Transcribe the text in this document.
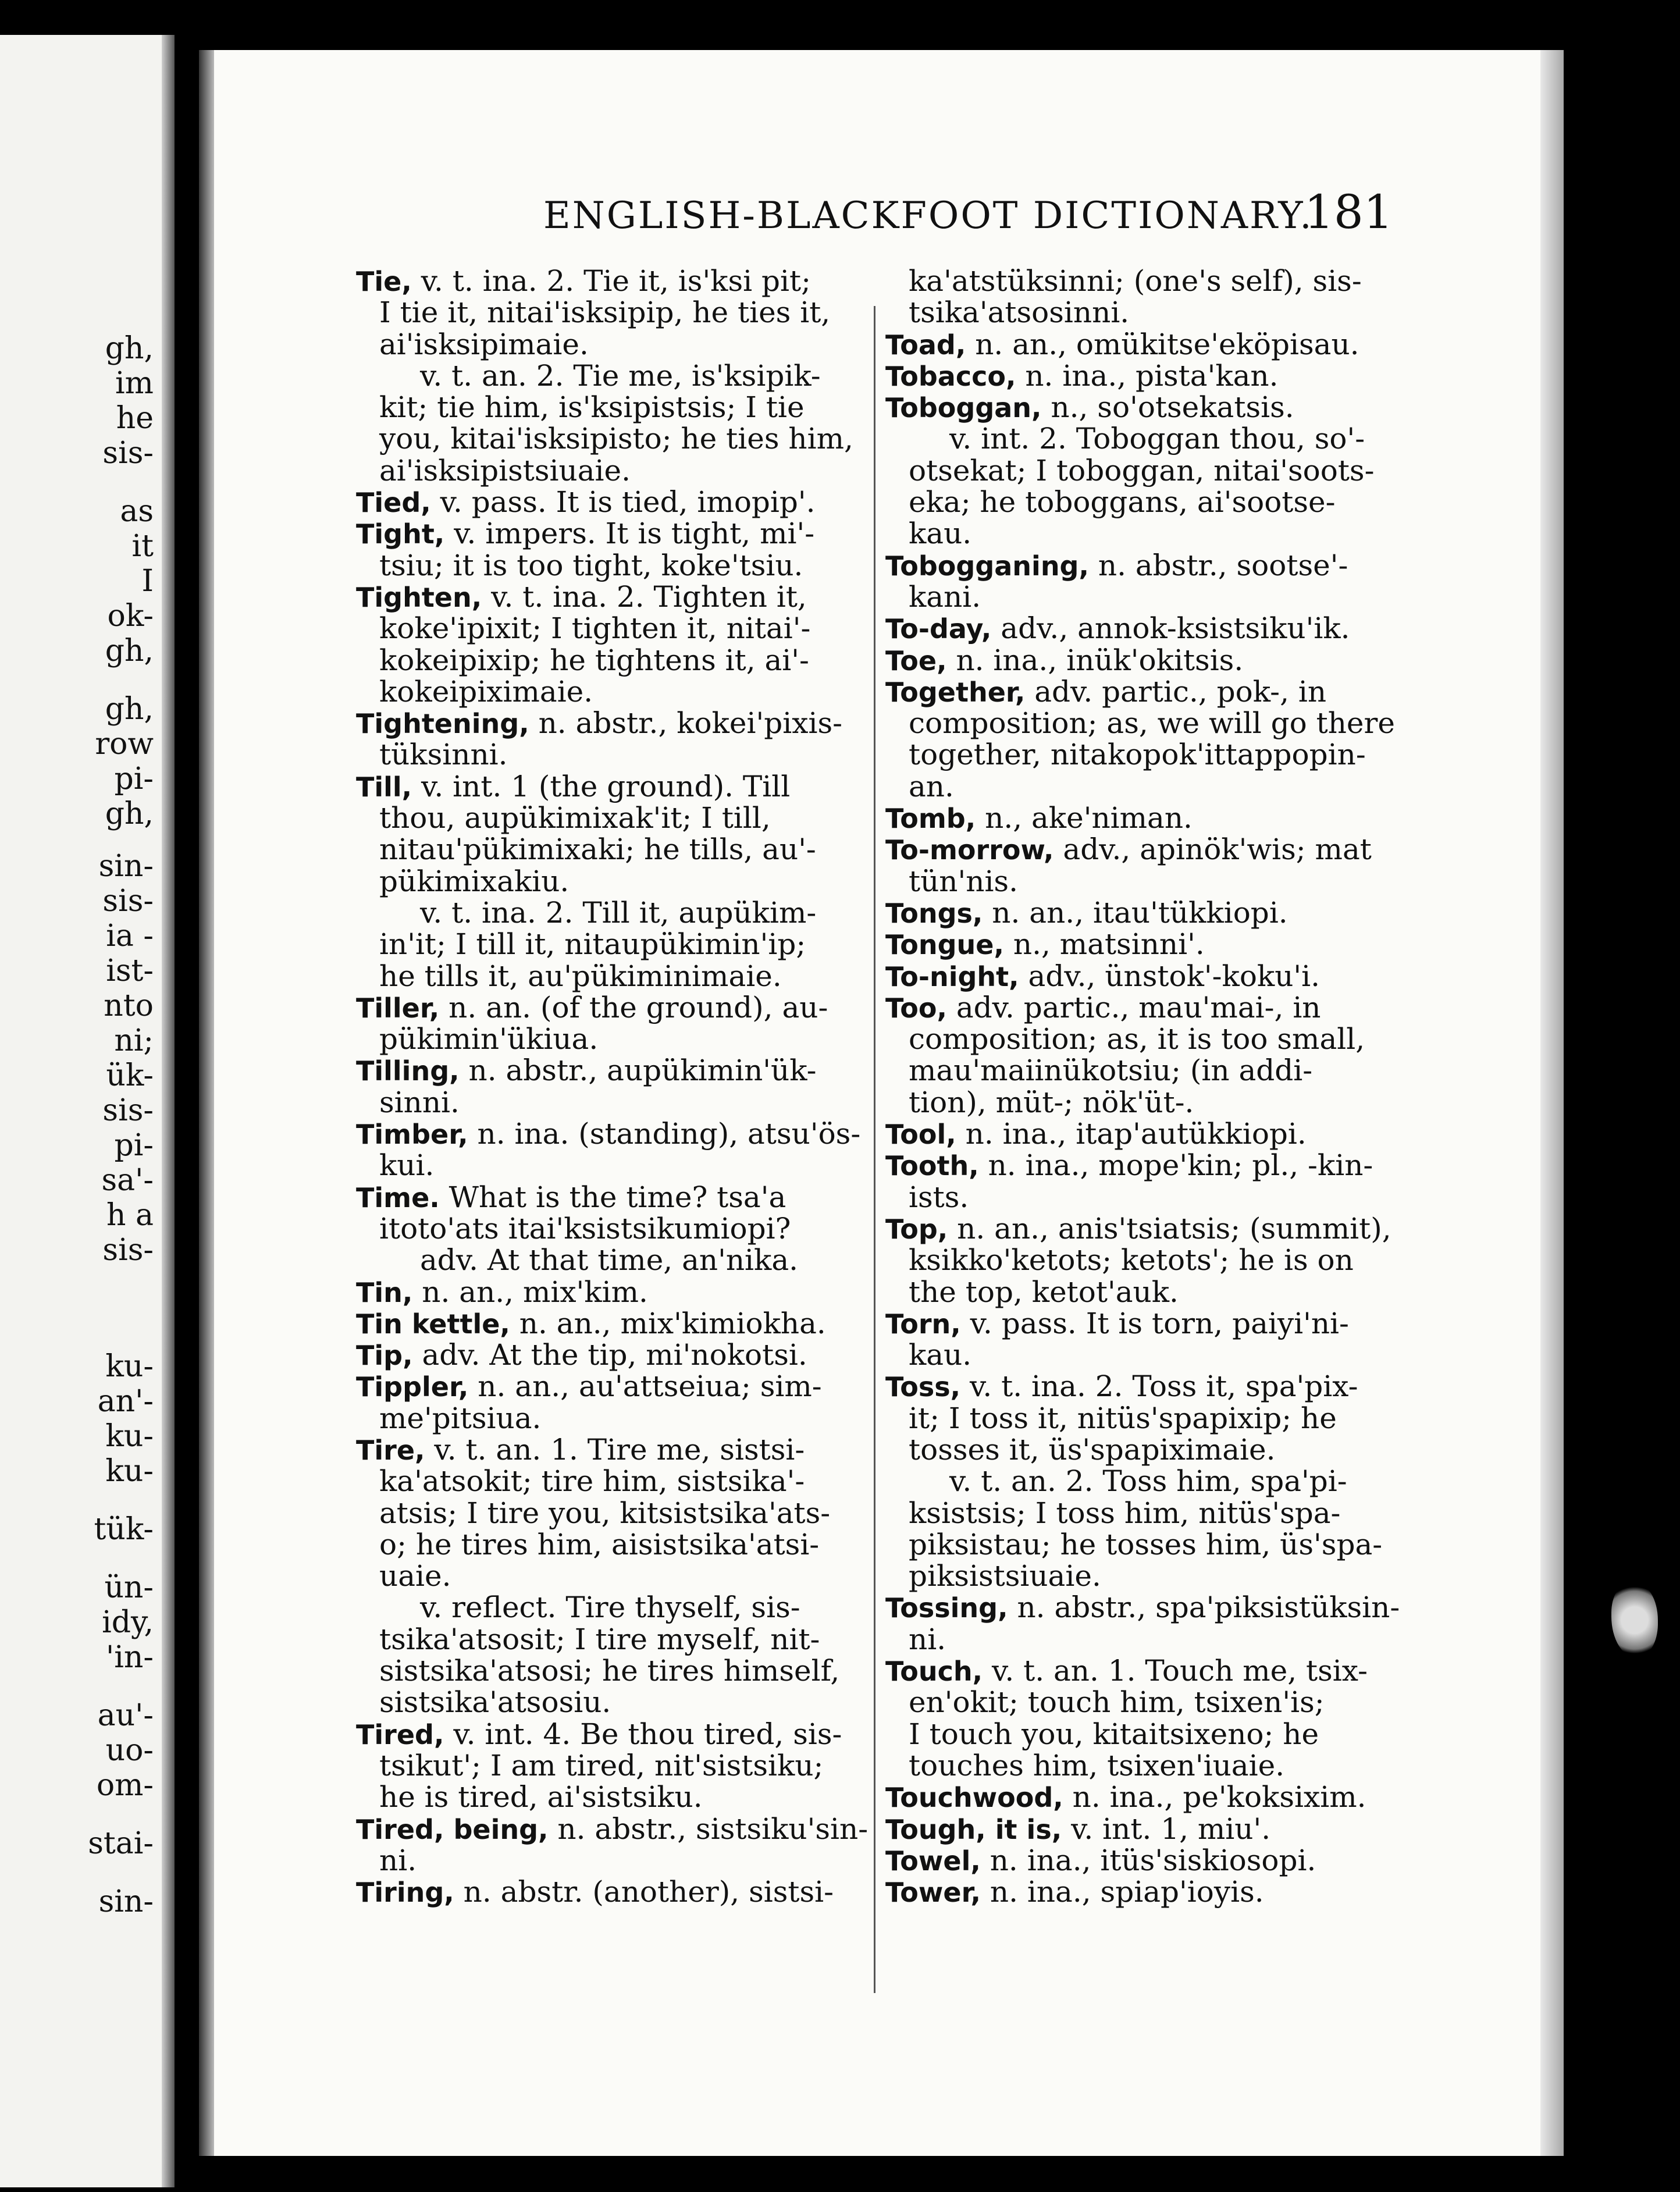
gh,
im
he
sis-
as
it
I
ok-
gh,
gh,
row
pi-
gh,
sin-
sis-
ia -
ist-
nto
ni;
ük-
sis-
pi-
sa'-
h a
sis-
ku-
an'-
ku-
ku-
tük-
ün-
idy,
'in-
au'-
uo-
om-
stai-
sin-
ENGLISH-BLACKFOOT DICTIONARY.
181
Tie, v. t. ina. 2. Tie it, is'ksi pit;
I tie it, nitai'isksipip, he ties it,
ai'isksipimaie.
v. t. an. 2. Tie me, is'ksipik-
kit; tie him, is'ksipistsis; I tie
you, kitai'isksipisto; he ties him,
ai'isksipistsiuaie.
Tied, v. pass. It is tied, imopip'.
Tight, v. impers. It is tight, mi'-
tsiu; it is too tight, koke'tsiu.
Tighten, v. t. ina. 2. Tighten it,
koke'ipixit; I tighten it, nitai'-
kokeipixip; he tightens it, ai'-
kokeipiximaie.
Tightening, n. abstr., kokei'pixis-
tüksinni.
Till, v. int. 1 (the ground). Till
thou, aupükimixak'it; I till,
nitau'pükimixaki; he tills, au'-
pükimixakiu.
v. t. ina. 2. Till it, aupükim-
in'it; I till it, nitaupükimin'ip;
he tills it, au'pükiminimaie.
Tiller, n. an. (of the ground), au-
pükimin'ükiua.
Tilling, n. abstr., aupükimin'ük-
sinni.
Timber, n. ina. (standing), atsu'ös-
kui.
Time. What is the time? tsa'a
itoto'ats itai'ksistsikumiopi?
adv. At that time, an'nika.
Tin, n. an., mix'kim.
Tin kettle, n. an., mix'kimiokha.
Tip, adv. At the tip, mi'nokotsi.
Tippler, n. an., au'attseiua; sim-
me'pitsiua.
Tire, v. t. an. 1. Tire me, sistsi-
ka'atsokit; tire him, sistsika'-
atsis; I tire you, kitsistsika'ats-
o; he tires him, aisistsika'atsi-
uaie.
v. reflect. Tire thyself, sis-
tsika'atsosit; I tire myself, nit-
sistsika'atsosi; he tires himself,
sistsika'atsosiu.
Tired, v. int. 4. Be thou tired, sis-
tsikut'; I am tired, nit'sistsiku;
he is tired, ai'sistsiku.
Tired, being, n. abstr., sistsiku'sin-
ni.
Tiring, n. abstr. (another), sistsi-
ka'atstüksinni; (one's self), sis-
tsika'atsosinni.
Toad, n. an., omükitse'eköpisau.
Tobacco, n. ina., pista'kan.
Toboggan, n., so'otsekatsis.
v. int. 2. Toboggan thou, so'-
otsekat; I toboggan, nitai'soots-
eka; he toboggans, ai'sootse-
kau.
Tobogganing, n. abstr., sootse'-
kani.
To-day, adv., annok-ksistsiku'ik.
Toe, n. ina., inük'okitsis.
Together, adv. partic., pok-, in
composition; as, we will go there
together, nitakopok'ittappopin-
an.
Tomb, n., ake'niman.
To-morrow, adv., apinök'wis; mat
tün'nis.
Tongs, n. an., itau'tükkiopi.
Tongue, n., matsinni'.
To-night, adv., ünstok'-koku'i.
Too, adv. partic., mau'mai-, in
composition; as, it is too small,
mau'maiinükotsiu; (in addi-
tion), müt-; nök'üt-.
Tool, n. ina., itap'autükkiopi.
Tooth, n. ina., mope'kin; pl., -kin-
ists.
Top, n. an., anis'tsiatsis; (summit),
ksikko'ketots; ketots'; he is on
the top, ketot'auk.
Torn, v. pass. It is torn, paiyi'ni-
kau.
Toss, v. t. ina. 2. Toss it, spa'pix-
it; I toss it, nitüs'spapixip; he
tosses it, üs'spapiximaie.
v. t. an. 2. Toss him, spa'pi-
ksistsis; I toss him, nitüs'spa-
piksistau; he tosses him, üs'spa-
piksistsiuaie.
Tossing, n. abstr., spa'piksistüksin-
ni.
Touch, v. t. an. 1. Touch me, tsix-
en'okit; touch him, tsixen'is;
I touch you, kitaitsixeno; he
touches him, tsixen'iuaie.
Touchwood, n. ina., pe'koksixim.
Tough, it is, v. int. 1, miu'.
Towel, n. ina., itüs'siskiosopi.
Tower, n. ina., spiap'ioyis.
